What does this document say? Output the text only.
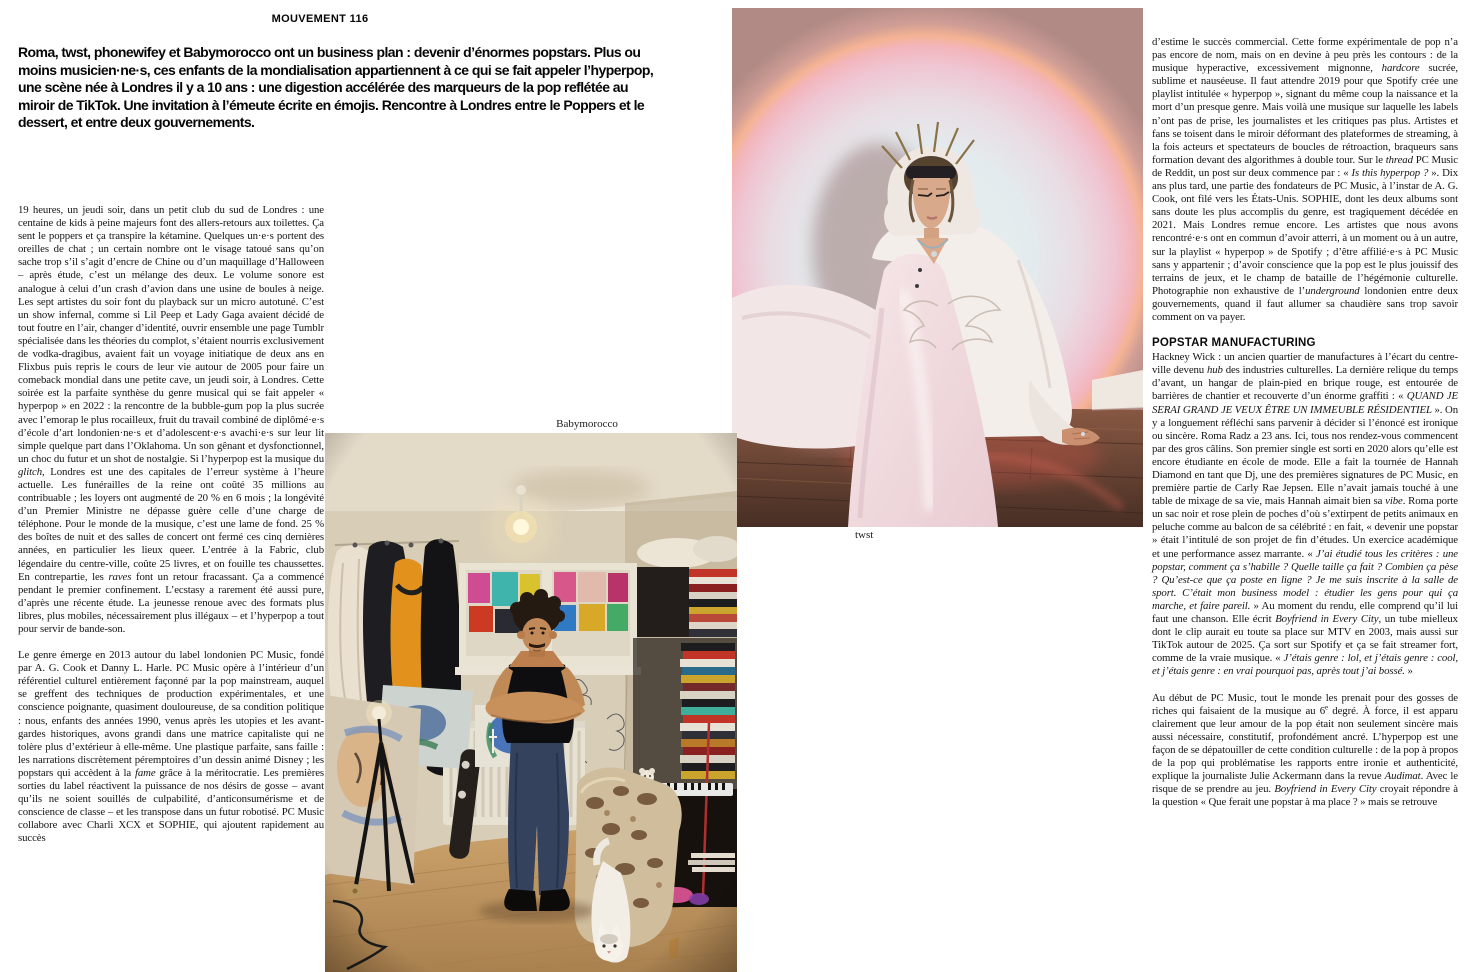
MOUVEMENT 116
Roma, twst, phonewifey et Babymorocco ont un business plan : devenir d’énormes popstars. Plus ou moins musicien·ne·s, ces enfants de la mondialisation appartiennent à ce qui se fait appeler l’hyperpop, une scène née à Londres il y a 10 ans : une digestion accélérée des marqueurs de la pop reflétée au miroir de TikTok. Une invitation à l’émeute écrite en émojis. Rencontre à Londres entre le Poppers et le dessert, et entre deux gouvernements.

19 heures, un jeudi soir, dans un petit club du sud de Londres : une centaine de kids à peine majeurs font des allers-retours aux toilettes. Ça sent le poppers et ça transpire la kétamine. Quelques un·e·s portent des oreilles de chat ; un certain nombre ont le visage tatoué sans qu’on sache trop s’il s’agit d’encre de Chine ou d’un maquillage d’Halloween – après étude, c’est un mélange des deux. Le volume sonore est analogue à celui d’un crash d’avion dans une usine de boules à neige. Les sept artistes du soir font du playback sur un micro autotuné. C’est un show infernal, comme si Lil Peep et Lady Gaga avaient décidé de tout foutre en l’air, changer d’identité, ouvrir ensemble une page Tumblr spécialisée dans les théories du complot, s’étaient nourris exclusivement de vodka-dragibus, avaient fait un voyage initiatique de deux ans en Flixbus puis repris le cours de leur vie autour de 2005 pour faire un comeback mondial dans une petite cave, un jeudi soir, à Londres. Cette soirée est la parfaite synthèse du genre musical qui se fait appeler « hyperpop » en 2022 : la rencontre de la bubble-gum pop la plus sucrée avec l’emorap le plus rocailleux, fruit du travail combiné de diplômé·e·s d’école d’art londonien·ne·s et d’adolescent·e·s avachi·e·s sur leur lit simple quelque part dans l’Oklahoma. Un son gênant et dysfonctionnel, un choc du futur et un shot de nostalgie. Si l’hyperpop est la musique du glitch, Londres est une des capitales de l’erreur système à l’heure actuelle. Les funérailles de la reine ont coûté 35 millions au contribuable ; les loyers ont augmenté de 20 % en 6 mois ; la longévité d’un Premier Ministre ne dépasse guère celle d’une charge de téléphone. Pour le monde de la musique, c’est une lame de fond. 25 % des boîtes de nuit et des salles de concert ont fermé ces cinq dernières années, en particulier les lieux queer. L’entrée à la Fabric, club légendaire du centre-ville, coûte 25 livres, et on fouille tes chaussettes. En contrepartie, les raves font un retour fracassant. Ça a commencé pendant le premier confinement. L’ecstasy a rarement été aussi pure, d’après une récente étude. La jeunesse renoue avec des formats plus libres, plus mobiles, nécessairement plus illégaux – et l’hyperpop a tout pour servir de bande-son.

Le genre émerge en 2013 autour du label londonien PC Music, fondé par A. G. Cook et Danny L. Harle. PC Music opère à l’intérieur d’un référentiel culturel entièrement façonné par la pop mainstream, auquel se greffent des techniques de production expérimentales, et une conscience poignante, quasiment douloureuse, de sa condition politique : nous, enfants des années 1990, venus après les utopies et les avant-gardes historiques, avons grandi dans une matrice capitaliste qui ne tolère plus d’extérieur à elle-même. Une plastique parfaite, sans faille : les narrations discrètement péremptoires d’un dessin animé Disney ; les popstars qui accèdent à la fame grâce à la méritocratie. Les premières sorties du label réactivent la puissance de nos désirs de gosse – avant qu’ils ne soient souillés de culpabilité, d’anticonsumérisme et de conscience de classe – et les transpose dans un futur robotisé. PC Music collabore avec Charli XCX et SOPHIE, qui ajoutent rapidement au succès

d’estime le succès commercial. Cette forme expérimentale de pop n’a pas encore de nom, mais on en devine à peu près les contours : de la musique hyperactive, excessivement mignonne, hardcore sucrée, sublime et nauséeuse. Il faut attendre 2019 pour que Spotify crée une playlist intitulée « hyperpop », signant du même coup la naissance et la mort d’un presque genre. Mais voilà une musique sur laquelle les labels n’ont pas de prise, les journalistes et les critiques pas plus. Artistes et fans se toisent dans le miroir déformant des plateformes de streaming, à la fois acteurs et spectateurs de boucles de rétroaction, braqueurs sans formation devant des algorithmes à double tour. Sur le thread PC Music de Reddit, un post sur deux commence par : « Is this hyperpop ? ». Dix ans plus tard, une partie des fondateurs de PC Music, à l’instar de A. G. Cook, ont filé vers les États-Unis. SOPHIE, dont les deux albums sont sans doute les plus accomplis du genre, est tragiquement décédée en 2021. Mais Londres remue encore. Les artistes que nous avons rencontré·e·s ont en commun d’avoir atterri, à un moment ou à un autre, sur la playlist « hyperpop » de Spotify ; d’être affilié·e·s à PC Music sans y appartenir ; d’avoir conscience que la pop est le plus jouissif des terrains de jeux, et le champ de bataille de l’hégémonie culturelle. Photographie non exhaustive de l’underground londonien entre deux gouvernements, quand il faut allumer sa chaudière sans trop savoir comment on va payer.

POPSTAR MANUFACTURING

Hackney Wick : un ancien quartier de manufactures à l’écart du centre-ville devenu hub des industries culturelles. La dernière relique du temps d’avant, un hangar de plain-pied en brique rouge, est entourée de barrières de chantier et recouverte d’un énorme graffiti : « QUAND JE SERAI GRAND JE VEUX ÊTRE UN IMMEUBLE RÉSIDENTIEL ». On y a longuement réfléchi sans parvenir à décider si l’énoncé est ironique ou sincère. Roma Radz a 23 ans. Ici, tous nos rendez-vous commencent par des gros câlins. Son premier single est sorti en 2020 alors qu’elle est encore étudiante en école de mode. Elle a fait la tournée de Hannah Diamond en tant que Dj, une des premières signatures de PC Music, en première partie de Carly Rae Jepsen. Elle n’avait jamais touché à une table de mixage de sa vie, mais Hannah aimait bien sa vibe. Roma porte un sac noir et rose plein de poches d’où s’extirpent de petits animaux en peluche comme au balcon de sa célébrité : en fait, « devenir une popstar » était l’intitulé de son projet de fin d’études. Un exercice académique et une performance assez marrante. « J’ai étudié tous les critères : une popstar, comment ça s’habille ? Quelle taille ça fait ? Combien ça pèse ? Qu’est-ce que ça poste en ligne ? Je me suis inscrite à la salle de sport. C’était mon business model : étudier les gens pour qui ça marche, et faire pareil. » Au moment du rendu, elle comprend qu’il lui faut une chanson. Elle écrit Boyfriend in Every City, un tube mielleux dont le clip aurait eu toute sa place sur MTV en 2003, mais aussi sur TikTok autour de 2025. Ça sort sur Spotify et ça se fait streamer fort, comme de la vraie musique. « J’étais genre : lol, et j’étais genre : cool, et j’étais genre : en vrai pourquoi pas, après tout j’ai bossé. »

Au début de PC Music, tout le monde les prenait pour des gosses de riches qui faisaient de la musique au 6e degré. À force, il est apparu clairement que leur amour de la pop était non seulement sincère mais aussi nécessaire, constitutif, profondément ancré. L’hyperpop est une façon de se dépatouiller de cette condition culturelle : de la pop à propos de la pop qui problématise les rapports entre ironie et authenticité, explique la journaliste Julie Ackermann dans la revue Audimat. Avec le risque de se prendre au jeu. Boyfriend in Every City croyait répondre à la question « Que ferait une popstar à ma place ? » mais se retrouve

Babymorocco
twst
